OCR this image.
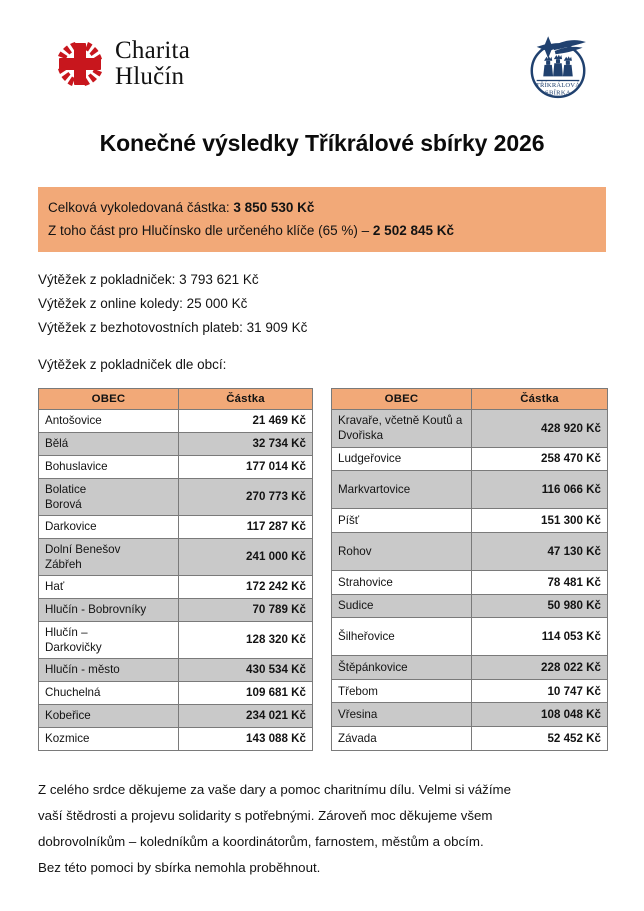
Charita
Hlučín	TŘÍKRÁLOVÁ
SBÍRKA
Konečné výsledky Tříkrálové sbírky 2026
Celková vykoledovaná částka: 3 850 530 Kč
Z toho část pro Hlučínsko dle určeného klíče (65 %) – 2 502 845 Kč
Výtěžek z pokladniček: 3 793 621 Kč
Výtěžek z online koledy: 25 000 Kč
Výtěžek z bezhotovostních plateb: 31 909 Kč
Výtěžek z pokladniček dle obcí:
OBEC	Částka
Antošovice	21 469 Kč
Bělá	32 734 Kč
Bohuslavice	177 014 Kč
Bolatice
Borová	270 773 Kč
Darkovice	117 287 Kč
Dolní Benešov
Zábřeh	241 000 Kč
Hať	172 242 Kč
Hlučín - Bobrovníky	70 789 Kč
Hlučín –
Darkovičky	128 320 Kč
Hlučín - město	430 534 Kč
Chuchelná	109 681 Kč
Kobeřice	234 021 Kč
Kozmice	143 088 Kč
OBEC	Částka
Kravaře, včetně Koutů a
Dvořiska	428 920 Kč
Ludgeřovice	258 470 Kč
Markvartovice	116 066 Kč
Píšť	151 300 Kč
Rohov	47 130 Kč
Strahovice	78 481 Kč
Sudice	50 980 Kč
Šilheřovice	114 053 Kč
Štěpánkovice	228 022 Kč
Třebom	10 747 Kč
Vřesina	108 048 Kč
Závada	52 452 Kč
Z celého srdce děkujeme za vaše dary a pomoc charitnímu dílu. Velmi si vážíme
vaší štědrosti a projevu solidarity s potřebnými. Zároveň moc děkujeme všem
dobrovolníkům – koledníkům a koordinátorům, farnostem, městům a obcím.
Bez této pomoci by sbírka nemohla proběhnout.
